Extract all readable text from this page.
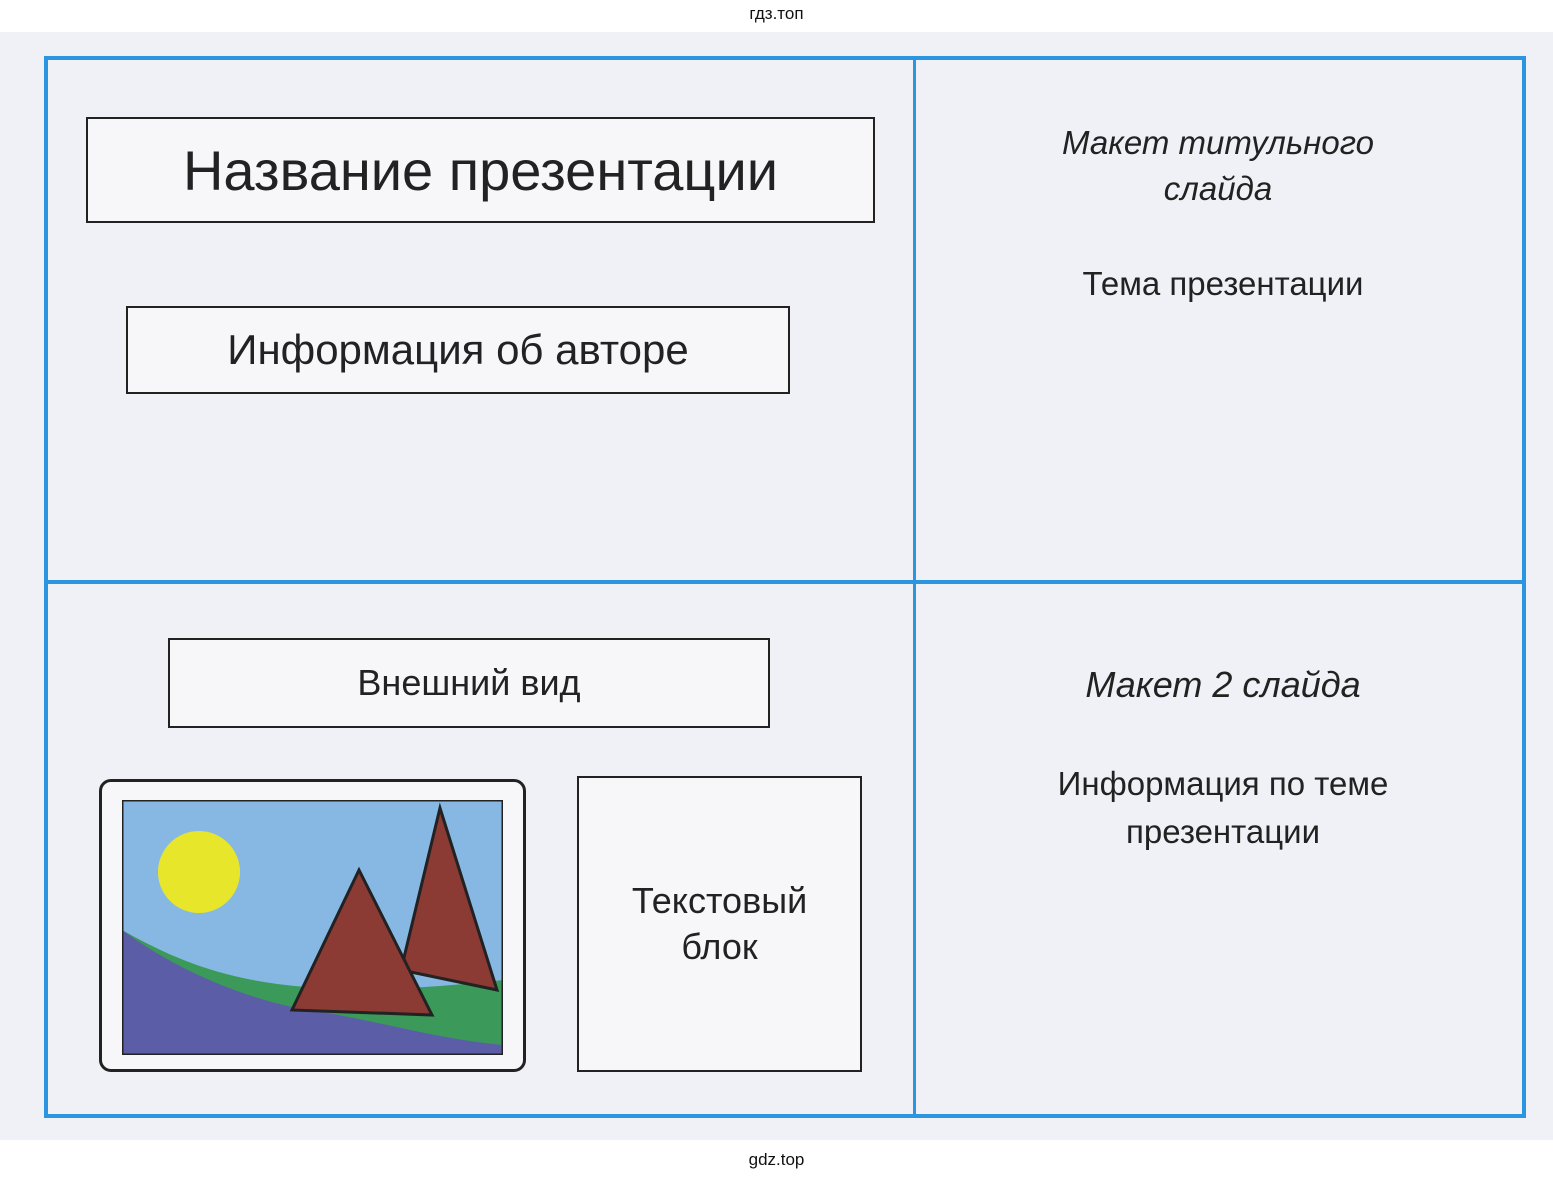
гдз.топ
Название презентации
Информация об авторе
Макет титульного слайда
Тема презентации
Внешний вид
Текстовый блок
Макет 2 слайда
Информация по теме презентации
gdz.top
